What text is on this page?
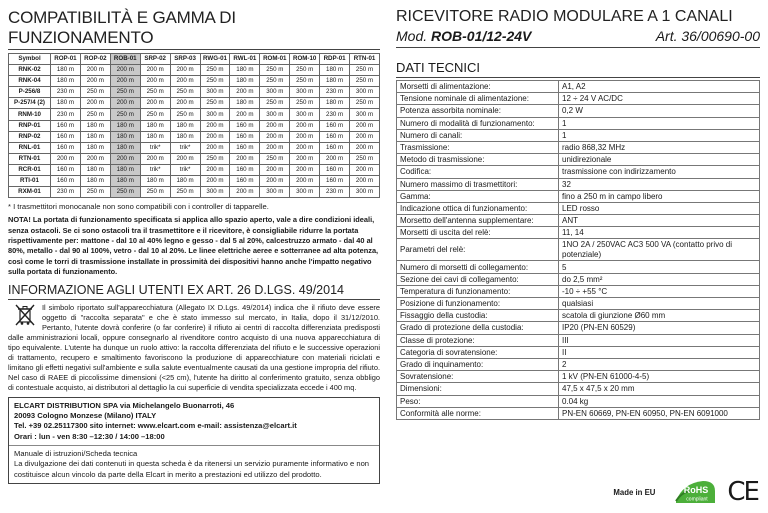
COMPATIBILITÀ E GAMMA DI FUNZIONAMENTO
Symbol	ROP-01	ROP-02	ROB-01	SRP-02	SRP-03	RWG-01	RWL-01	ROM-01	ROM-10	RDP-01	RTN-01
RNK-02	180 m	200 m	200 m	200 m	200 m	250 m	180 m	250 m	250 m	180 m	250 m
RNK-04	180 m	200 m	200 m	200 m	200 m	250 m	180 m	250 m	250 m	180 m	250 m
P-256/8	230 m	250 m	250 m	250 m	250 m	300 m	200 m	300 m	300 m	230 m	300 m
P-257/4 (2)	180 m	200 m	200 m	200 m	200 m	250 m	180 m	250 m	250 m	180 m	250 m
RNM-10	230 m	250 m	250 m	250 m	250 m	300 m	200 m	300 m	300 m	230 m	300 m
RNP-01	160 m	180 m	180 m	180 m	180 m	200 m	160 m	200 m	200 m	160 m	200 m
RNP-02	160 m	180 m	180 m	180 m	180 m	200 m	160 m	200 m	200 m	160 m	200 m
RNL-01	160 m	180 m	180 m	trik*	trik*	200 m	160 m	200 m	200 m	160 m	200 m
RTN-01	200 m	200 m	200 m	200 m	200 m	250 m	200 m	250 m	200 m	200 m	250 m
RCR-01	160 m	180 m	180 m	trik*	trik*	200 m	160 m	200 m	200 m	160 m	200 m
RTI-01	160 m	180 m	180 m	180 m	180 m	200 m	160 m	200 m	200 m	160 m	200 m
RXM-01	230 m	250 m	250 m	250 m	250 m	300 m	200 m	300 m	300 m	230 m	300 m
* I trasmettitori monocanale non sono compatibili con i controller di tapparelle.
NOTA! La portata di funzionamento specificata si applica allo spazio aperto, vale a dire condizioni ideali, senza ostacoli. Se ci sono ostacoli tra il trasmettitore e il ricevitore, è consigliabile ridurre la portata rispettivamente per: mattone - dal 10 al 40% legno e gesso - dal 5 al 20%, calcestruzzo armato - dal 40 al 80%, metallo - dal 90 al 100%, vetro - dal 10 al 20%. Le linee elettriche aeree e sotterranee ad alta potenza, così come le torri di trasmissione installate in prossimità dei dispositivi hanno anche l'impatto negativo sulla portata di funzionamento.
INFORMAZIONE AGLI UTENTI EX ART. 26 D.LGS. 49/2014
Il simbolo riportato sull'apparecchiatura (Allegato IX D.Lgs. 49/2014) indica che il rifiuto deve essere oggetto di "raccolta separata" e che è stato immesso sul mercato, in Italia, dopo il 31/12/2010. Pertanto, l'utente dovrà conferire (o far conferire) il rifiuto ai centri di raccolta differenziata predisposti dalle amministrazioni locali, oppure consegnarlo al rivenditore contro acquisto di una nuova apparecchiatura di tipo equivalente. L'utente ha dunque un ruolo attivo: la raccolta differenziata del rifiuto e le successive operazioni di trattamento, recupero e smaltimento favoriscono la produzione di apparecchiature con materiali riciclati e limitano gli effetti negativi sull'ambiente e sulla salute eventualmente causati da una gestione impropria del rifiuto. Nel caso di RAEE di piccolissime dimensioni (<25 cm), l'utente ha diritto al conferimento gratuito, senza obbligo di contestuale acquisto, ai distributori al dettaglio la cui superficie di vendita specializzata eccede i 400 mq.
ELCART DISTRIBUTION SPA via Michelangelo Buonarroti, 46
20093 Cologno Monzese (Milano) ITALY
Tel. +39 02.25117300 sito internet: www.elcart.com e-mail: assistenza@elcart.it
Orari : lun - ven 8:30 –12:30 / 14:00 –18:00
Manuale di istruzioni/Scheda tecnica
La divulgazione dei dati contenuti in questa scheda è da ritenersi un servizio puramente informativo e non costituisce alcun vincolo da parte della Elcart in merito a prestazioni ed utilizzo del prodotto.
RICEVITORE RADIO MODULARE A 1 CANALI
Mod. ROB-01/12-24V	Art. 36/00690-00
DATI TECNICI
Morsetti di alimentazione:	A1, A2
Tensione nominale di alimentazione:	12 ÷ 24 V AC/DC
Potenza assorbita nominale:	0,2 W
Numero di modalità di funzionamento:	1
Numero di canali:	1
Trasmissione:	radio 868,32 MHz
Metodo di trasmissione:	unidirezionale
Codifica:	trasmissione con indirizzamento
Numero massimo di trasmettitori:	32
Gamma:	fino a 250 m in campo libero
Indicazione ottica di funzionamento:	LED rosso
Morsetto dell'antenna supplementare:	ANT
Morsetti di uscita del relè:	11, 14
Parametri del relè:	1NO 2A / 250VAC AC3 500 VA (contatto privo di potenziale)
Numero di morsetti di collegamento:	5
Sezione dei cavi di collegamento:	do 2,5 mm²
Temperatura di funzionamento:	-10 ÷ +55 °C
Posizione di funzionamento:	qualsiasi
Fissaggio della custodia:	scatola di giunzione Ø60 mm
Grado di protezione della custodia:	IP20 (PN-EN 60529)
Classe di protezione:	III
Categoria di sovratensione:	II
Grado di inquinamento:	2
Sovratensione:	1 kV (PN-EN 61000-4-5)
Dimensioni:	47,5 x 47,5 x 20 mm
Peso:	0.04 kg
Conformità alle norme:	PN-EN 60669, PN-EN 60950, PN-EN 6091000
Made in EU	RoHS
compliant CE
